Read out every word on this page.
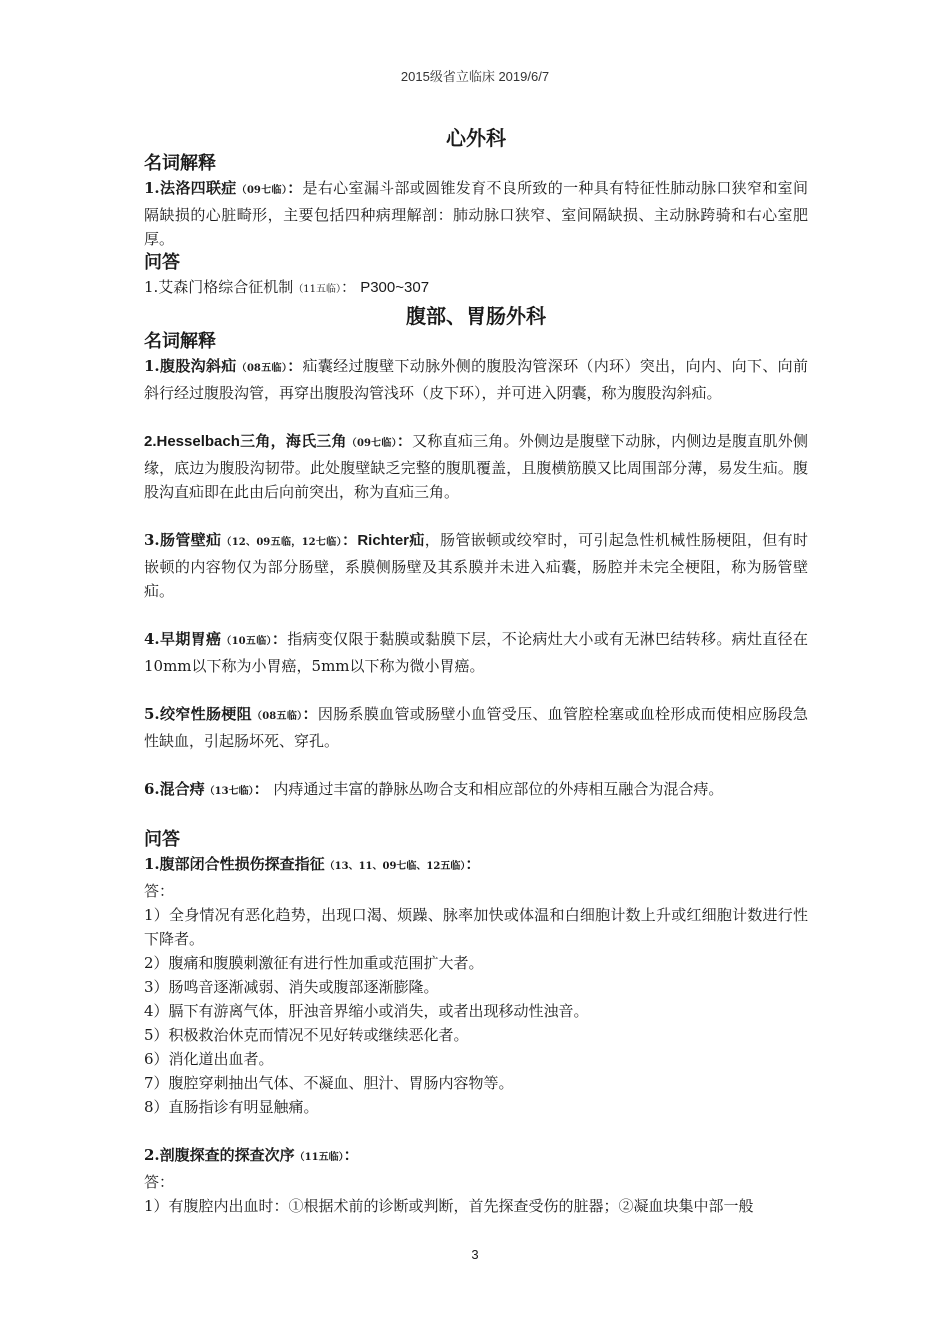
2015级省立临床 2019/6/7
心外科
名词解释

1.法洛四联症（09七临）：是右心室漏斗部或圆锥发育不良所致的一种具有特征性肺动脉口狭窄和室间隔缺损的心脏畸形，主要包括四种病理解剖：肺动脉口狭窄、室间隔缺损、主动脉跨骑和右心室肥厚。

问答

1.艾森门格综合征机制（11五临）： P300~307

腹部、胃肠外科
名词解释

1.腹股沟斜疝（08五临）：疝囊经过腹壁下动脉外侧的腹股沟管深环（内环）突出，向内、向下、向前斜行经过腹股沟管，再穿出腹股沟管浅环（皮下环），并可进入阴囊，称为腹股沟斜疝。

2.Hesselbach三角，海氏三角（09七临）：又称直疝三角。外侧边是腹壁下动脉，内侧边是腹直肌外侧缘，底边为腹股沟韧带。此处腹壁缺乏完整的腹肌覆盖，且腹横筋膜又比周围部分薄，易发生疝。腹股沟直疝即在此由后向前突出，称为直疝三角。

3.肠管壁疝（12、09五临，12七临）：Richter疝，肠管嵌顿或绞窄时，可引起急性机械性肠梗阻，但有时嵌顿的内容物仅为部分肠壁，系膜侧肠壁及其系膜并未进入疝囊，肠腔并未完全梗阻，称为肠管壁疝。

4.早期胃癌（10五临）：指病变仅限于黏膜或黏膜下层，不论病灶大小或有无淋巴结转移。病灶直径在10mm以下称为小胃癌，5mm以下称为微小胃癌。

5.绞窄性肠梗阻（08五临）：因肠系膜血管或肠壁小血管受压、血管腔栓塞或血栓形成而使相应肠段急性缺血，引起肠坏死、穿孔。

6.混合痔（13七临）： 内痔通过丰富的静脉丛吻合支和相应部位的外痔相互融合为混合痔。

问答

1.腹部闭合性损伤探查指征（13、11、09七临、12五临）：

答：

1）全身情况有恶化趋势，出现口渴、烦躁、脉率加快或体温和白细胞计数上升或红细胞计数进行性下降者。

2）腹痛和腹膜刺激征有进行性加重或范围扩大者。

3）肠鸣音逐渐减弱、消失或腹部逐渐膨隆。

4）膈下有游离气体，肝浊音界缩小或消失，或者出现移动性浊音。

5）积极救治休克而情况不见好转或继续恶化者。

6）消化道出血者。

7）腹腔穿刺抽出气体、不凝血、胆汁、胃肠内容物等。

8）直肠指诊有明显触痛。

2.剖腹探查的探查次序（11五临）：

答：

1）有腹腔内出血时：①根据术前的诊断或判断，首先探查受伤的脏器；②凝血块集中部一般

3
